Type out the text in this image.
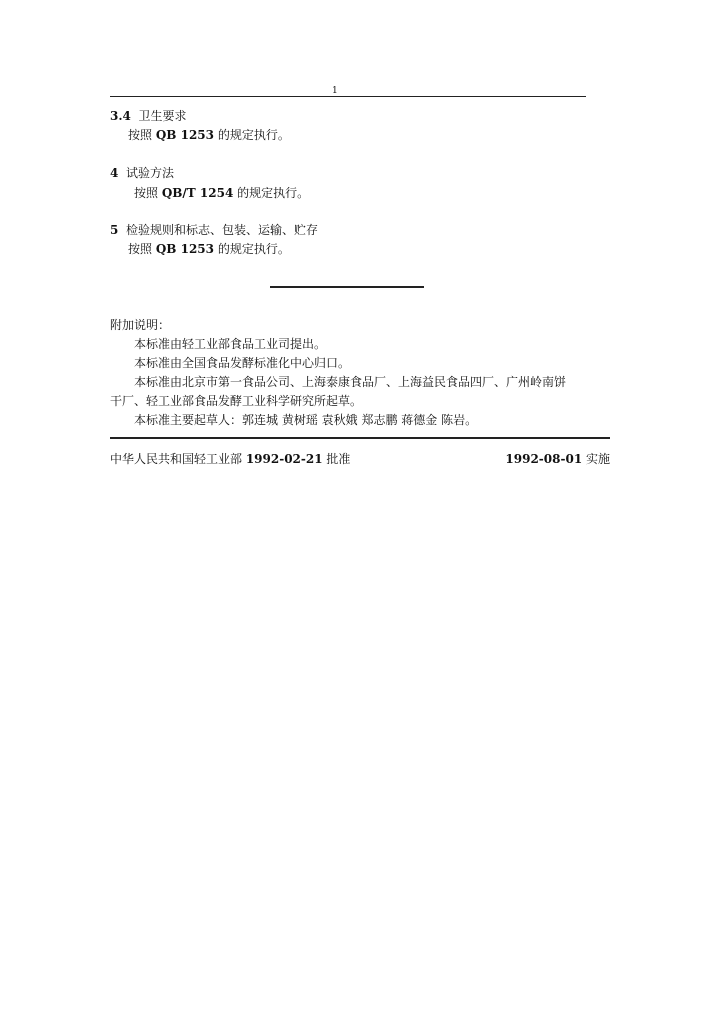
1
3.4 卫生要求
按照 QB 1253 的规定执行。
4 试验方法
按照 QB/T 1254 的规定执行。
5 检验规则和标志、包装、运输、贮存
按照 QB 1253 的规定执行。
附加说明：
本标准由轻工业部食品工业司提出。
本标准由全国食品发酵标准化中心归口。
本标准由北京市第一食品公司、上海泰康食品厂、上海益民食品四厂、广州岭南饼
干厂、轻工业部食品发酵工业科学研究所起草。
本标准主要起草人：郭连城 黄树瑶 袁秋娥 郑志鹏 蒋德金 陈岩。
中华人民共和国轻工业部 1992-02-21 批准	1992-08-01 实施
